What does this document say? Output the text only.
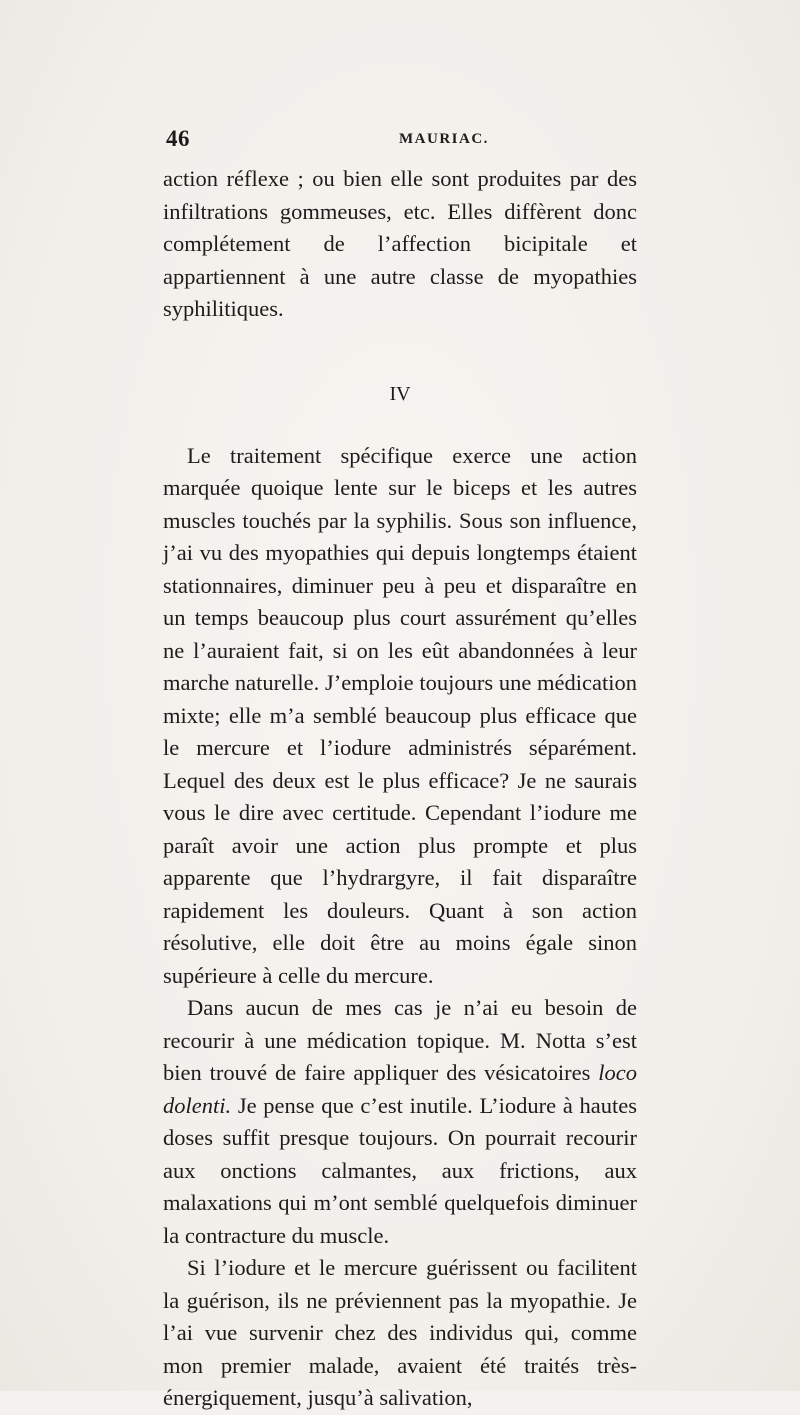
46	MAURIAC.

action réflexe ; ou bien elle sont produites par des infiltrations gommeuses, etc. Elles diffèrent donc complétement de l’affection bicipitale et appartiennent à une autre classe de myopathies syphilitiques.

IV

Le traitement spécifique exerce une action marquée quoique lente sur le biceps et les autres muscles touchés par la syphilis. Sous son influence, j’ai vu des myopathies qui depuis longtemps étaient stationnaires, diminuer peu à peu et disparaître en un temps beaucoup plus court assurément qu’elles ne l’auraient fait, si on les eût abandonnées à leur marche naturelle. J’emploie toujours une médication mixte; elle m’a semblé beaucoup plus efficace que le mercure et l’iodure administrés séparément. Lequel des deux est le plus efficace? Je ne saurais vous le dire avec certitude. Cependant l’iodure me paraît avoir une action plus prompte et plus apparente que l’hydrargyre, il fait disparaître rapidement les douleurs. Quant à son action résolutive, elle doit être au moins égale sinon supérieure à celle du mercure.

Dans aucun de mes cas je n’ai eu besoin de recourir à une médication topique. M. Notta s’est bien trouvé de faire appliquer des vésicatoires loco dolenti. Je pense que c’est inutile. L’iodure à hautes doses suffit presque toujours. On pourrait recourir aux onctions calmantes, aux frictions, aux malaxations qui m’ont semblé quelquefois diminuer la contracture du muscle.

Si l’iodure et le mercure guérissent ou facilitent la guérison, ils ne préviennent pas la myopathie. Je l’ai vue survenir chez des individus qui, comme mon premier malade, avaient été traités très-énergiquement, jusqu’à salivation,
